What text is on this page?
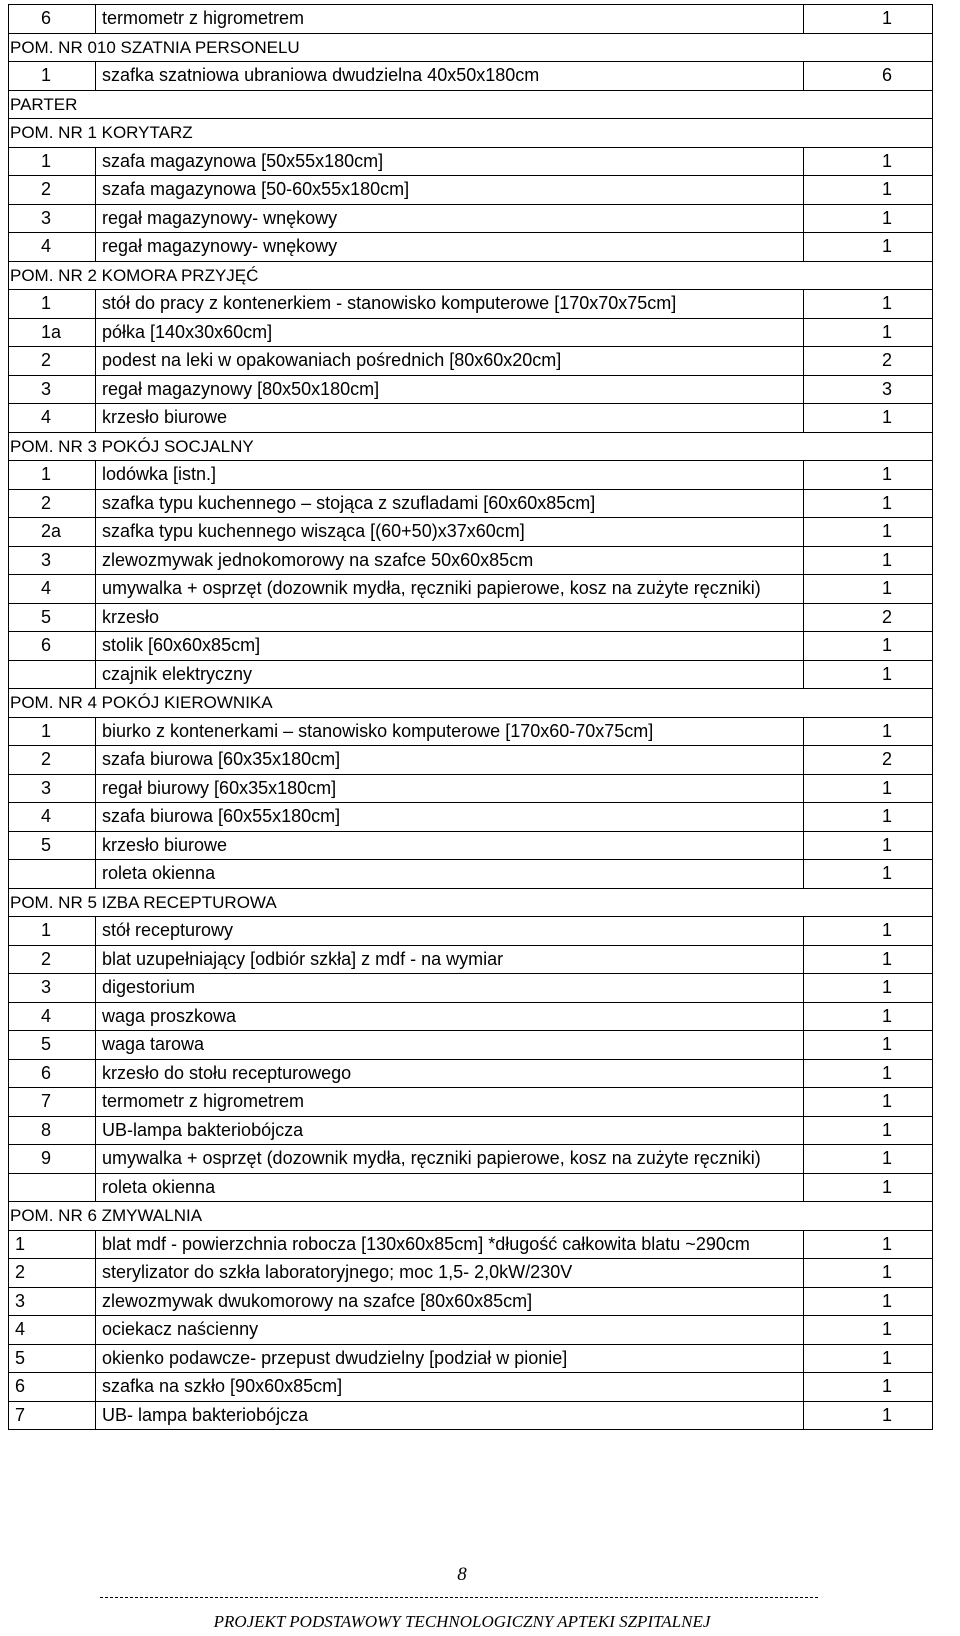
6	termometr z higrometrem	1
POM. NR 010 SZATNIA PERSONELU		
1	szafka szatniowa ubraniowa dwudzielna 40x50x180cm	6
PARTER		
POM. NR 1 KORYTARZ		
1	szafa magazynowa [50x55x180cm]	1
2	szafa magazynowa [50-60x55x180cm]	1
3	regał magazynowy- wnękowy	1
4	regał magazynowy- wnękowy	1
POM. NR 2 KOMORA PRZYJĘĆ		
1	stół do pracy z kontenerkiem - stanowisko komputerowe [170x70x75cm]	1
1a	półka [140x30x60cm]	1
2	podest na leki w opakowaniach pośrednich [80x60x20cm]	2
3	regał magazynowy [80x50x180cm]	3
4	krzesło biurowe	1
POM. NR 3 POKÓJ SOCJALNY		
1	lodówka [istn.]	1
2	szafka typu kuchennego – stojąca z szufladami [60x60x85cm]	1
2a	szafka typu kuchennego wisząca [(60+50)x37x60cm]	1
3	zlewozmywak jednokomorowy na szafce 50x60x85cm	1
4	umywalka + osprzęt (dozownik mydła, ręczniki papierowe, kosz na zużyte ręczniki)	1
5	krzesło	2
6	stolik [60x60x85cm]	1
	czajnik elektryczny	1
POM. NR 4 POKÓJ KIEROWNIKA		
1	biurko z kontenerkami – stanowisko komputerowe [170x60-70x75cm]	1
2	szafa biurowa [60x35x180cm]	2
3	regał biurowy [60x35x180cm]	1
4	szafa biurowa [60x55x180cm]	1
5	krzesło biurowe	1
	roleta okienna	1
POM. NR 5 IZBA RECEPTUROWA		
1	stół recepturowy	1
2	blat uzupełniający [odbiór szkła] z mdf - na wymiar	1
3	digestorium	1
4	waga proszkowa	1
5	waga tarowa	1
6	krzesło do stołu recepturowego	1
7	termometr z higrometrem	1
8	UB-lampa bakteriobójcza	1
9	umywalka + osprzęt (dozownik mydła, ręczniki papierowe, kosz na zużyte ręczniki)	1
	roleta okienna	1
POM. NR 6 ZMYWALNIA		
1	blat mdf - powierzchnia robocza [130x60x85cm] *długość całkowita blatu ~290cm	1
2	sterylizator do szkła laboratoryjnego; moc 1,5- 2,0kW/230V	1
3	zlewozmywak dwukomorowy na szafce [80x60x85cm]	1
4	ociekacz naścienny	1
5	okienko podawcze- przepust dwudzielny [podział w pionie]	1
6	szafka na szkło [90x60x85cm]	1
7	UB- lampa bakteriobójcza	1
8
PROJEKT PODSTAWOWY TECHNOLOGICZNY APTEKI SZPITALNEJ
